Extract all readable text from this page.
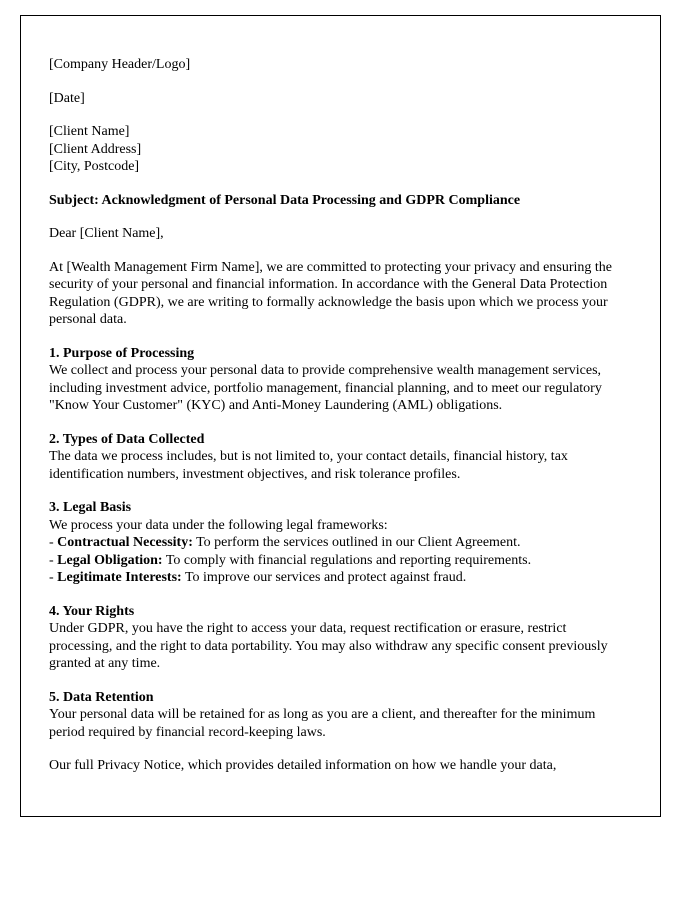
[Company Header/Logo]

[Date]

[Client Name]
[Client Address]
[City, Postcode]

Subject: Acknowledgment of Personal Data Processing and GDPR Compliance

Dear [Client Name],

At [Wealth Management Firm Name], we are committed to protecting your privacy and ensuring the security of your personal and financial information. In accordance with the General Data Protection Regulation (GDPR), we are writing to formally acknowledge the basis upon which we process your personal data.

1. Purpose of Processing
We collect and process your personal data to provide comprehensive wealth management services, including investment advice, portfolio management, financial planning, and to meet our regulatory "Know Your Customer" (KYC) and Anti-Money Laundering (AML) obligations.
2. Types of Data Collected
The data we process includes, but is not limited to, your contact details, financial history, tax identification numbers, investment objectives, and risk tolerance profiles.
3. Legal Basis
We process your data under the following legal frameworks:
- Contractual Necessity: To perform the services outlined in our Client Agreement.
- Legal Obligation: To comply with financial regulations and reporting requirements.
- Legitimate Interests: To improve our services and protect against fraud.
4. Your Rights
Under GDPR, you have the right to access your data, request rectification or erasure, restrict processing, and the right to data portability. You may also withdraw any specific consent previously granted at any time.
5. Data Retention
Your personal data will be retained for as long as you are a client, and thereafter for the minimum period required by financial record-keeping laws.

Our full Privacy Notice, which provides detailed information on how we handle your data,
